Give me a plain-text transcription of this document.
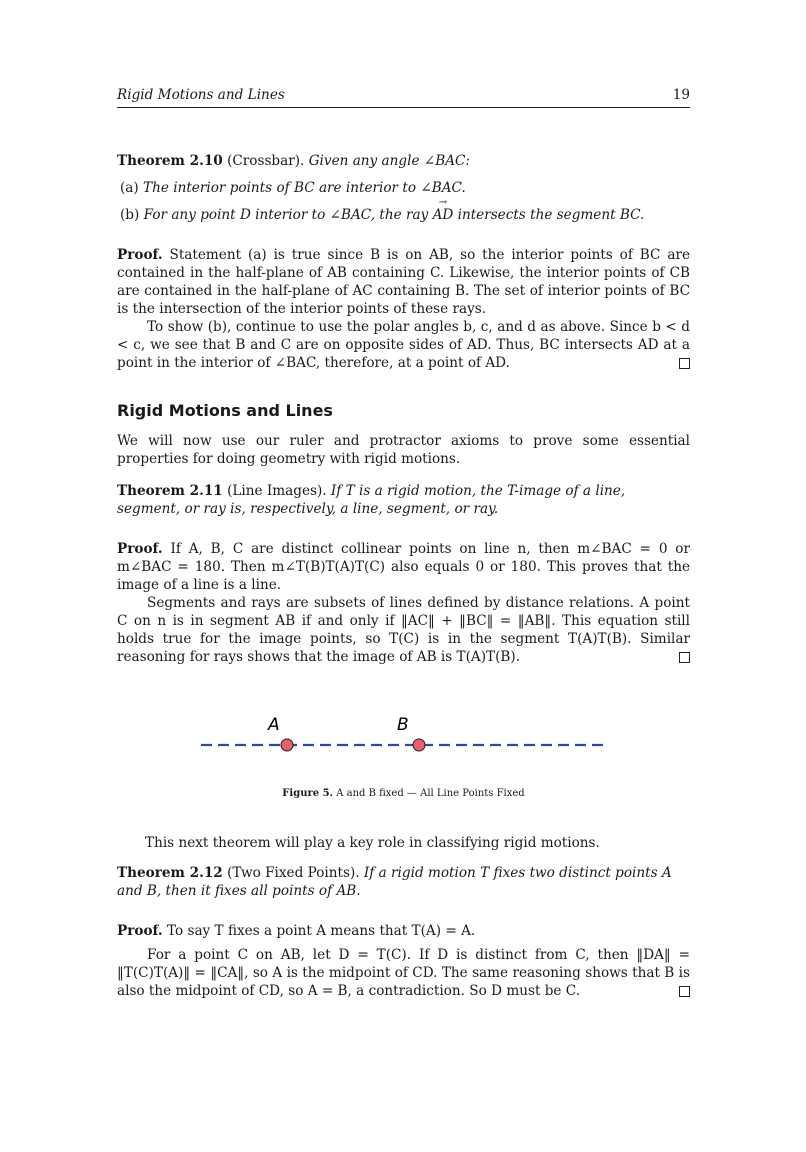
Rigid Motions and Lines	19
Theorem 2.10 (Crossbar). Given any angle ∠BAC:
(a) The interior points of BC are interior to ∠BAC.
(b) For any point D interior to ∠BAC, the ray → AD intersects the segment BC.
Proof. Statement (a) is true since B is on AB, so the interior points of BC are contained in the half-plane of AB containing C. Likewise, the interior points of CB are contained in the half-plane of AC containing B. The set of interior points of BC is the intersection of the interior points of these rays.
To show (b), continue to use the polar angles b, c, and d as above. Since b < d < c, we see that B and C are on opposite sides of AD. Thus, BC intersects AD at a point in the interior of ∠BAC, therefore, at a point of AD.
Rigid Motions and Lines
We will now use our ruler and protractor axioms to prove some essential properties for doing geometry with rigid motions.
Theorem 2.11 (Line Images). If T is a rigid motion, the T-image of a line, segment, or ray is, respectively, a line, segment, or ray.
Proof. If A, B, C are distinct collinear points on line n, then m∠BAC = 0 or m∠BAC = 180. Then m∠T(B)T(A)T(C) also equals 0 or 180. This proves that the image of a line is a line.
Segments and rays are subsets of lines defined by distance relations. A point C on n is in segment AB if and only if ‖AC‖ + ‖BC‖ = ‖AB‖. This equation still holds true for the image points, so T(C) is in the segment T(A)T(B). Similar reasoning for rays shows that the image of AB is T(A)T(B).
A	B
Figure 5. A and B fixed — All Line Points Fixed
This next theorem will play a key role in classifying rigid motions.
Theorem 2.12 (Two Fixed Points). If a rigid motion T fixes two distinct points A and B, then it fixes all points of AB.
Proof. To say T fixes a point A means that T(A) = A.
For a point C on AB, let D = T(C). If D is distinct from C, then ‖DA‖ = ‖T(C)T(A)‖ = ‖CA‖, so A is the midpoint of CD. The same reasoning shows that B is also the midpoint of CD, so A = B, a contradiction. So D must be C.
